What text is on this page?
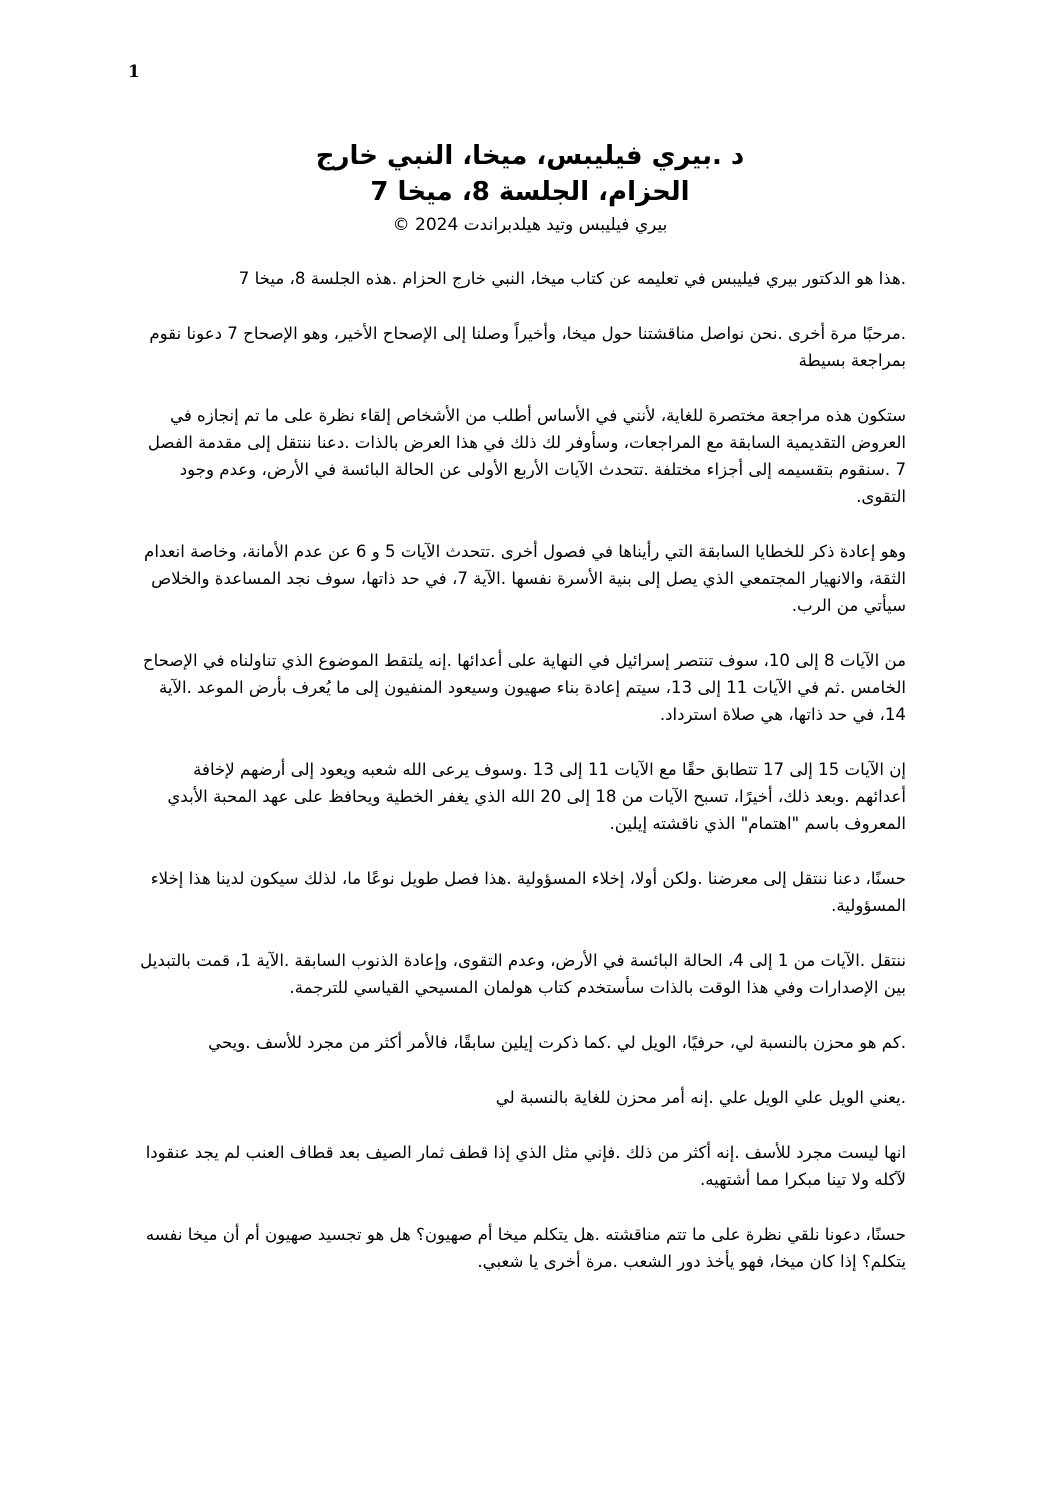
1
د .بيري فيليبس، ميخا، النبي خارج
الحزام، الجلسة 8، ميخا 7
بيري فيليبس وتيد هيلدبراندت 2024 ©

.هذا هو الدكتور بيري فيليبس في تعليمه عن كتاب ميخا، النبي خارج الحزام .هذه الجلسة 8، ميخا 7

.مرحبًا مرة أخرى .نحن نواصل مناقشتنا حول ميخا، وأخيراً وصلنا إلى الإصحاح الأخير، وهو الإصحاح 7 دعونا نقوم بمراجعة بسيطة

ستكون هذه مراجعة مختصرة للغاية، لأنني في الأساس أطلب من الأشخاص إلقاء نظرة على ما تم إنجازه في العروض التقديمية السابقة مع المراجعات، وسأوفر لك ذلك في هذا العرض بالذات .دعنا ننتقل إلى مقدمة الفصل 7 .سنقوم بتقسيمه إلى أجزاء مختلفة .تتحدث الآيات الأربع الأولى عن الحالة البائسة في الأرض، وعدم وجود التقوى.

وهو إعادة ذكر للخطايا السابقة التي رأيناها في فصول أخرى .تتحدث الآيات 5 و 6 عن عدم الأمانة، وخاصة انعدام الثقة، والانهيار المجتمعي الذي يصل إلى بنية الأسرة نفسها .الآية 7، في حد ذاتها، سوف نجد المساعدة والخلاص سيأتي من الرب.

من الآيات 8 إلى 10، سوف تنتصر إسرائيل في النهاية على أعدائها .إنه يلتقط الموضوع الذي تناولناه في الإصحاح الخامس .ثم في الآيات 11 إلى 13، سيتم إعادة بناء صهيون وسيعود المنفيون إلى ما يُعرف بأرض الموعد .الآية 14، في حد ذاتها، هي صلاة استرداد.

إن الآيات 15 إلى 17 تتطابق حقًا مع الآيات 11 إلى 13 .وسوف يرعى الله شعبه ويعود إلى أرضهم لإخافة أعدائهم .وبعد ذلك، أخيرًا، تسبح الآيات من 18 إلى 20 الله الذي يغفر الخطية ويحافظ على عهد المحبة الأبدي المعروف باسم "اهتمام" الذي ناقشته إيلين.

حسنًا، دعنا ننتقل إلى معرضنا .ولكن أولا، إخلاء المسؤولية .هذا فصل طويل نوعًا ما، لذلك سيكون لدينا هذا إخلاء المسؤولية.

ننتقل .الآيات من 1 إلى 4، الحالة البائسة في الأرض، وعدم التقوى، وإعادة الذنوب السابقة .الآية 1، قمت بالتبديل بين الإصدارات وفي هذا الوقت بالذات سأستخدم كتاب هولمان المسيحي القياسي للترجمة.

.كم هو محزن بالنسبة لي، حرفيًا، الويل لي .كما ذكرت إيلين سابقًا، فالأمر أكثر من مجرد للأسف .ويحي

.يعني الويل علي الويل علي .إنه أمر محزن للغاية بالنسبة لي

انها ليست مجرد للأسف .إنه أكثر من ذلك .فإني مثل الذي إذا قطف ثمار الصيف بعد قطاف العنب لم يجد عنقودا لآكله ولا تينا مبكرا مما أشتهيه.

حسنًا، دعونا نلقي نظرة على ما تتم مناقشته .هل يتكلم ميخا أم صهيون؟ هل هو تجسيد صهيون أم أن ميخا نفسه يتكلم؟ إذا كان ميخا، فهو يأخذ دور الشعب .مرة أخرى يا شعبي.
